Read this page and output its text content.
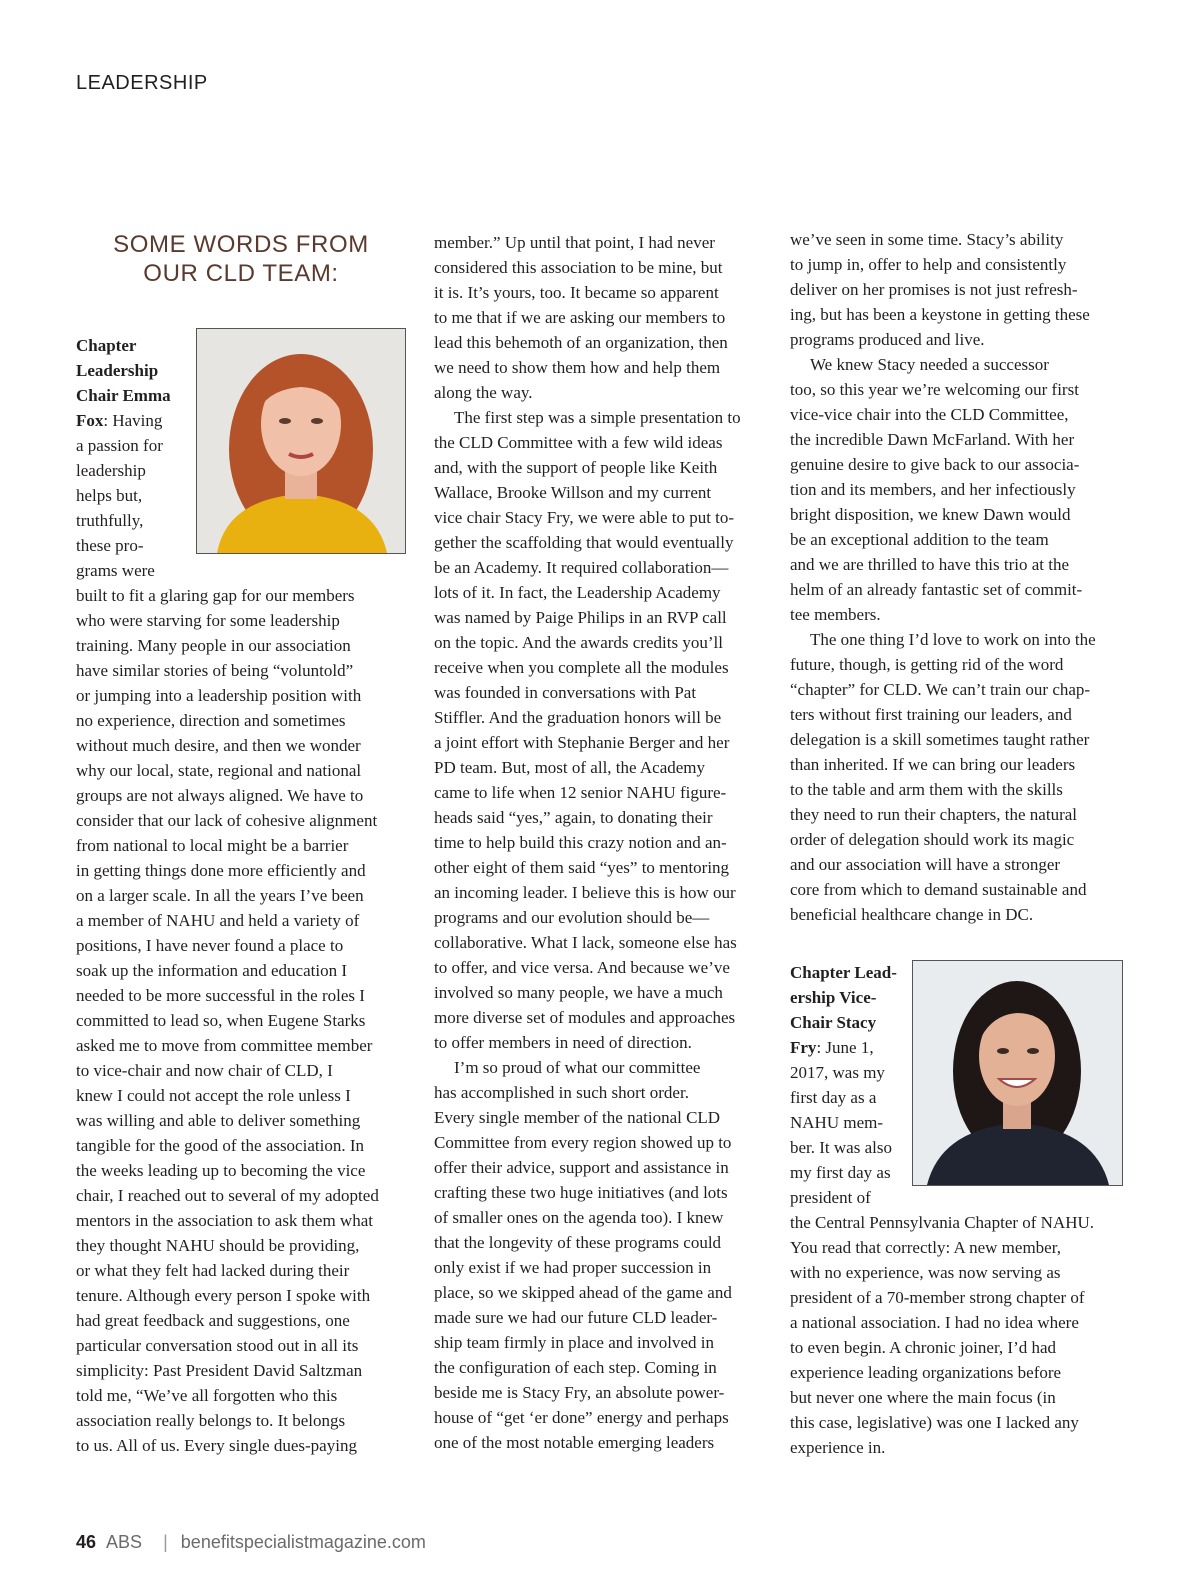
LEADERSHIP
SOME WORDS FROM
OUR CLD TEAM:
Chapter
Leadership
Chair Emma
Fox: Having
a passion for
leadership
helps but,
truthfully,
these pro-
grams were
built to fit a glaring gap for our members
who were starving for some leadership
training. Many people in our association
have similar stories of being “voluntold”
or jumping into a leadership position with
no experience, direction and sometimes
without much desire, and then we wonder
why our local, state, regional and national
groups are not always aligned. We have to
consider that our lack of cohesive alignment
from national to local might be a barrier
in getting things done more efficiently and
on a larger scale. In all the years I’ve been
a member of NAHU and held a variety of
positions, I have never found a place to
soak up the information and education I
needed to be more successful in the roles I
committed to lead so, when Eugene Starks
asked me to move from committee member
to vice-chair and now chair of CLD, I
knew I could not accept the role unless I
was willing and able to deliver something
tangible for the good of the association. In
the weeks leading up to becoming the vice
chair, I reached out to several of my adopted
mentors in the association to ask them what
they thought NAHU should be providing,
or what they felt had lacked during their
tenure. Although every person I spoke with
had great feedback and suggestions, one
particular conversation stood out in all its
simplicity: Past President David Saltzman
told me, “We’ve all forgotten who this
association really belongs to. It belongs
to us. All of us. Every single dues-paying
member.” Up until that point, I had never
considered this association to be mine, but
it is. It’s yours, too. It became so apparent
to me that if we are asking our members to
lead this behemoth of an organization, then
we need to show them how and help them
along the way.
The first step was a simple presentation to
the CLD Committee with a few wild ideas
and, with the support of people like Keith
Wallace, Brooke Willson and my current
vice chair Stacy Fry, we were able to put to-
gether the scaffolding that would eventually
be an Academy. It required collaboration—
lots of it. In fact, the Leadership Academy
was named by Paige Philips in an RVP call
on the topic. And the awards credits you’ll
receive when you complete all the modules
was founded in conversations with Pat
Stiffler. And the graduation honors will be
a joint effort with Stephanie Berger and her
PD team. But, most of all, the Academy
came to life when 12 senior NAHU figure-
heads said “yes,” again, to donating their
time to help build this crazy notion and an-
other eight of them said “yes” to mentoring
an incoming leader. I believe this is how our
programs and our evolution should be—
collaborative. What I lack, someone else has
to offer, and vice versa. And because we’ve
involved so many people, we have a much
more diverse set of modules and approaches
to offer members in need of direction.
I’m so proud of what our committee
has accomplished in such short order.
Every single member of the national CLD
Committee from every region showed up to
offer their advice, support and assistance in
crafting these two huge initiatives (and lots
of smaller ones on the agenda too). I knew
that the longevity of these programs could
only exist if we had proper succession in
place, so we skipped ahead of the game and
made sure we had our future CLD leader-
ship team firmly in place and involved in
the configuration of each step. Coming in
beside me is Stacy Fry, an absolute power-
house of “get ‘er done” energy and perhaps
one of the most notable emerging leaders
we’ve seen in some time. Stacy’s ability
to jump in, offer to help and consistently
deliver on her promises is not just refresh-
ing, but has been a keystone in getting these
programs produced and live.
We knew Stacy needed a successor
too, so this year we’re welcoming our first
vice-vice chair into the CLD Committee,
the incredible Dawn McFarland. With her
genuine desire to give back to our associa-
tion and its members, and her infectiously
bright disposition, we knew Dawn would
be an exceptional addition to the team
and we are thrilled to have this trio at the
helm of an already fantastic set of commit-
tee members.
The one thing I’d love to work on into the
future, though, is getting rid of the word
“chapter” for CLD. We can’t train our chap-
ters without first training our leaders, and
delegation is a skill sometimes taught rather
than inherited. If we can bring our leaders
to the table and arm them with the skills
they need to run their chapters, the natural
order of delegation should work its magic
and our association will have a stronger
core from which to demand sustainable and
beneficial healthcare change in DC.
Chapter Lead-
ership Vice-
Chair Stacy
Fry: June 1,
2017, was my
first day as a
NAHU mem-
ber. It was also
my first day as
president of
the Central Pennsylvania Chapter of NAHU.
You read that correctly: A new member,
with no experience, was now serving as
president of a 70-member strong chapter of
a national association. I had no idea where
to even begin. A chronic joiner, I’d had
experience leading organizations before
but never one where the main focus (in
this case, legislative) was one I lacked any
experience in.
46 ABS | benefitspecialistmagazine.com
